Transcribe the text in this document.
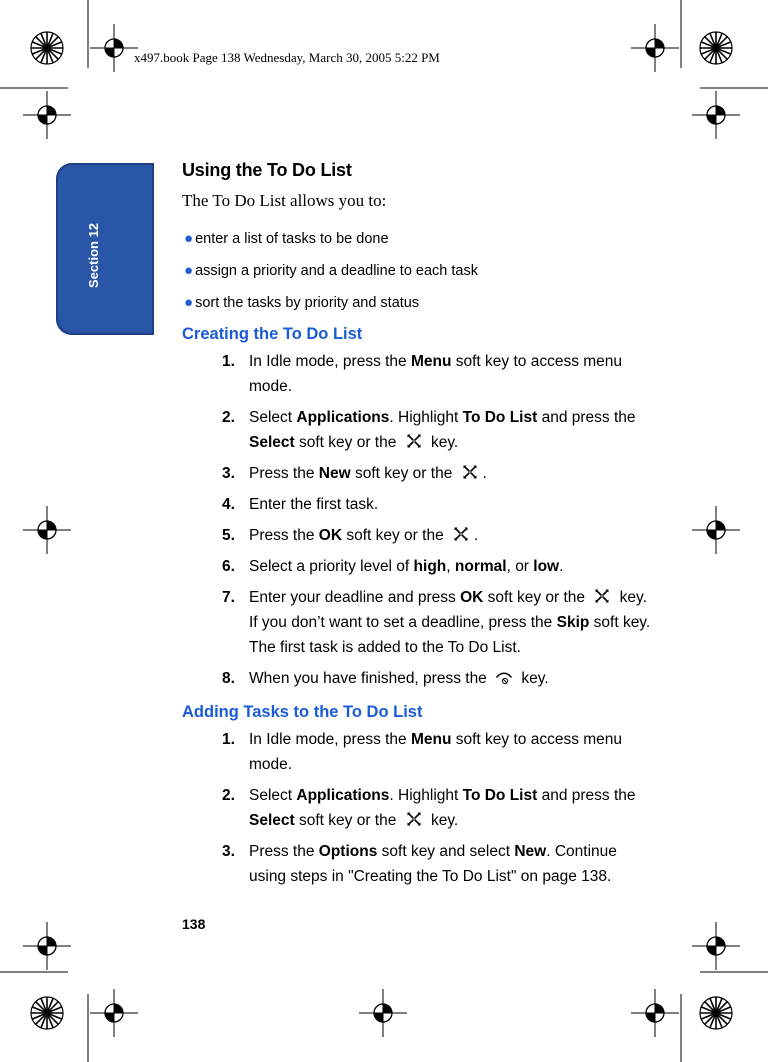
x497.book Page 138 Wednesday, March 30, 2005 5:22 PM
Section 12
Using the To Do List

The To Do List allows you to:

● enter a list of tasks to be done
● assign a priority and a deadline to each task
● sort the tasks by priority and status
Creating the To Do List
1. In Idle mode, press the Menu soft key to access menu mode.
2. Select Applications. Highlight To Do List and press the Select soft key or the  key.
3. Press the New soft key or the .
4. Enter the first task.
5. Press the OK soft key or the .
6. Select a priority level of high, normal, or low.
7. Enter your deadline and press OK soft key or the  key.
If you don’t want to set a deadline, press the Skip soft key.
The first task is added to the To Do List.
8. When you have finished, press the  key.
Adding Tasks to the To Do List
1. In Idle mode, press the Menu soft key to access menu mode.
2. Select Applications. Highlight To Do List and press the Select soft key or the  key.
3. Press the Options soft key and select New. Continue using steps in "Creating the To Do List" on page 138.
138
